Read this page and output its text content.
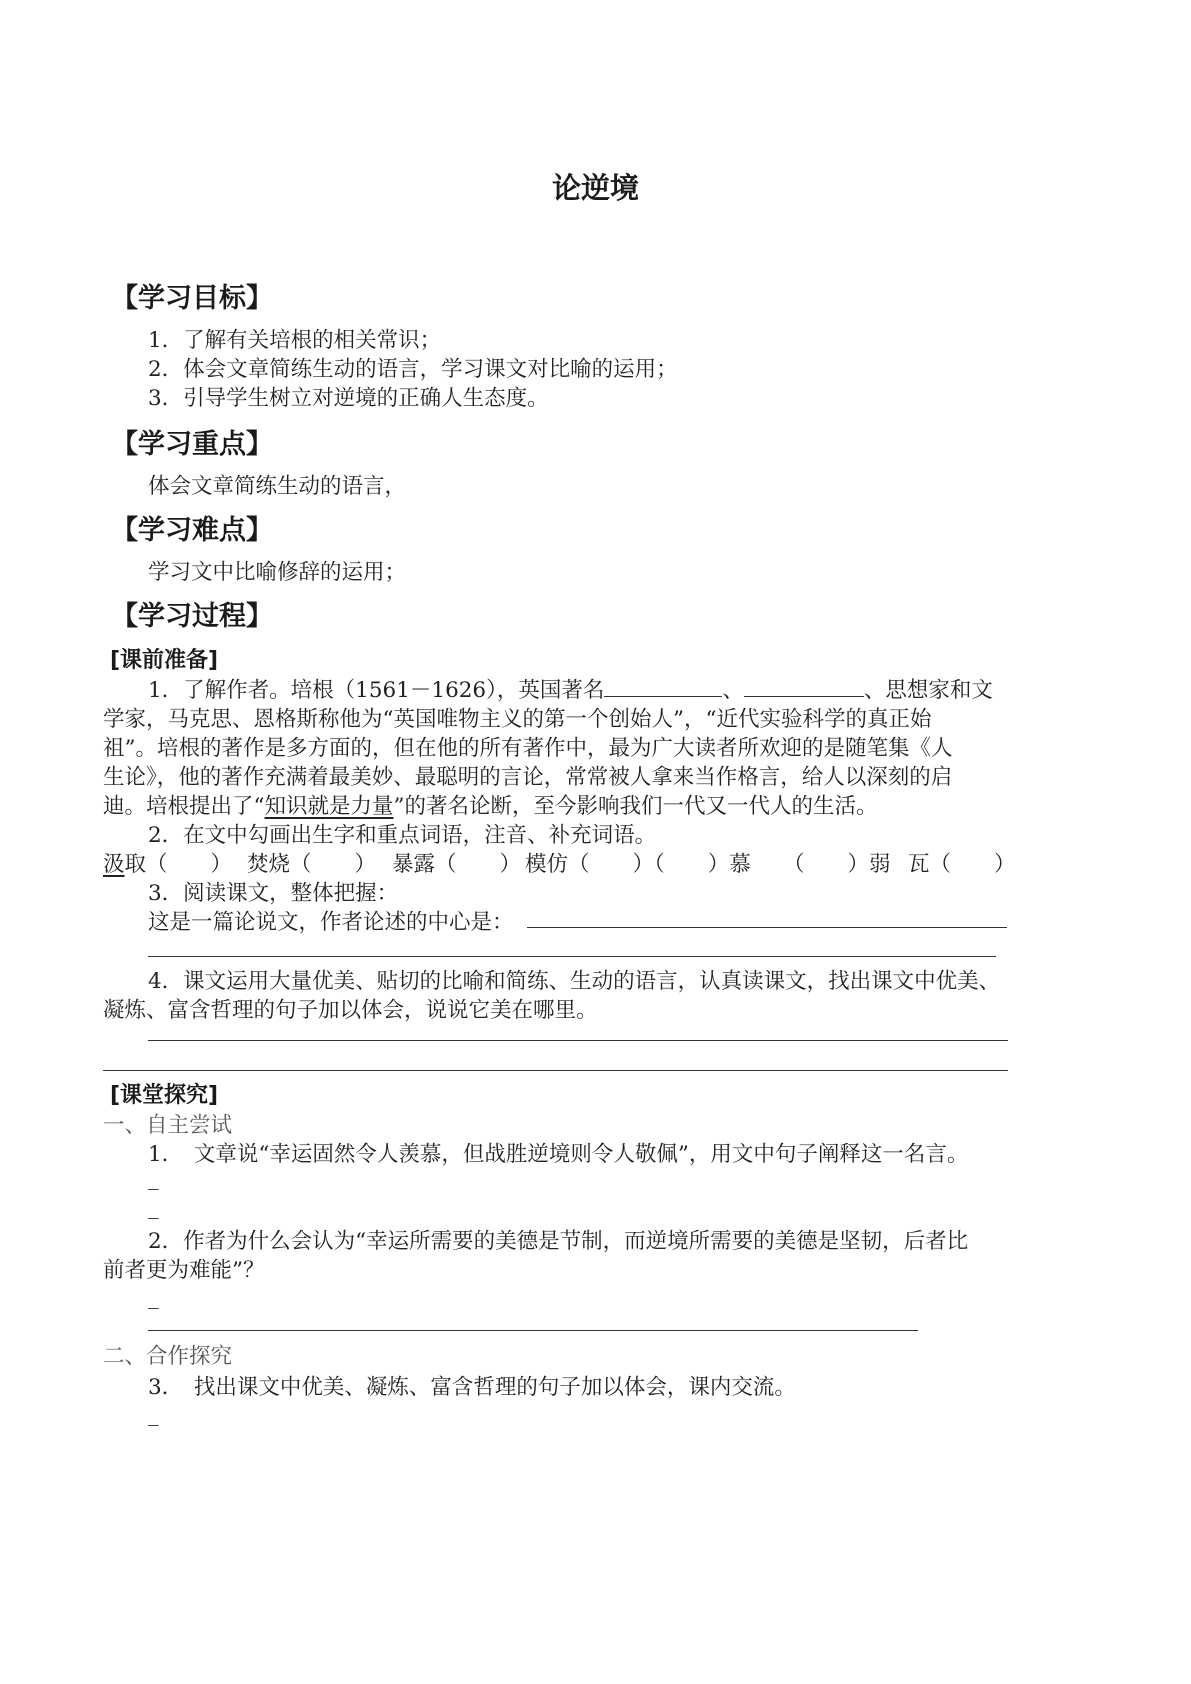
论逆境
【学习目标】
1．了解有关培根的相关常识；
2．体会文章简练生动的语言，学习课文对比喻的运用；
3．引导学生树立对逆境的正确人生态度。
【学习重点】
体会文章简练生动的语言，
【学习难点】
学习文中比喻修辞的运用；
【学习过程】
[课前准备]
1．了解作者。培根（1561－1626），英国著名	、	、思想家和文
学家，马克思、恩格斯称他为“英国唯物主义的第一个创始人”，“近代实验科学的真正始
祖”。培根的著作是多方面的，但在他的所有著作中，最为广大读者所欢迎的是随笔集《人
生论》，他的著作充满着最美妙、最聪明的言论，常常被人拿来当作格言，给人以深刻的启
迪。培根提出了“知识就是力量”的著名论断，至今影响我们一代又一代人的生活。
2．在文中勾画出生字和重点词语，注音、补充词语。
汲取（　　） 焚烧（　　） 暴露（　　） 模仿（　　）（　　）慕 （　　）弱 瓦（　　）
3．阅读课文，整体把握：
这是一篇论说文，作者论述的中心是：
4．课文运用大量优美、贴切的比喻和简练、生动的语言，认真读课文，找出课文中优美、
凝炼、富含哲理的句子加以体会，说说它美在哪里。
[课堂探究]
一、自主尝试
1．　文章说“幸运固然令人羡慕，但战胜逆境则令人敬佩”，用文中句子阐释这一名言。
_
_
2．作者为什么会认为“幸运所需要的美德是节制，而逆境所需要的美德是坚韧，后者比
前者更为难能”？
_
二、合作探究
3．　找出课文中优美、凝炼、富含哲理的句子加以体会，课内交流。
_
